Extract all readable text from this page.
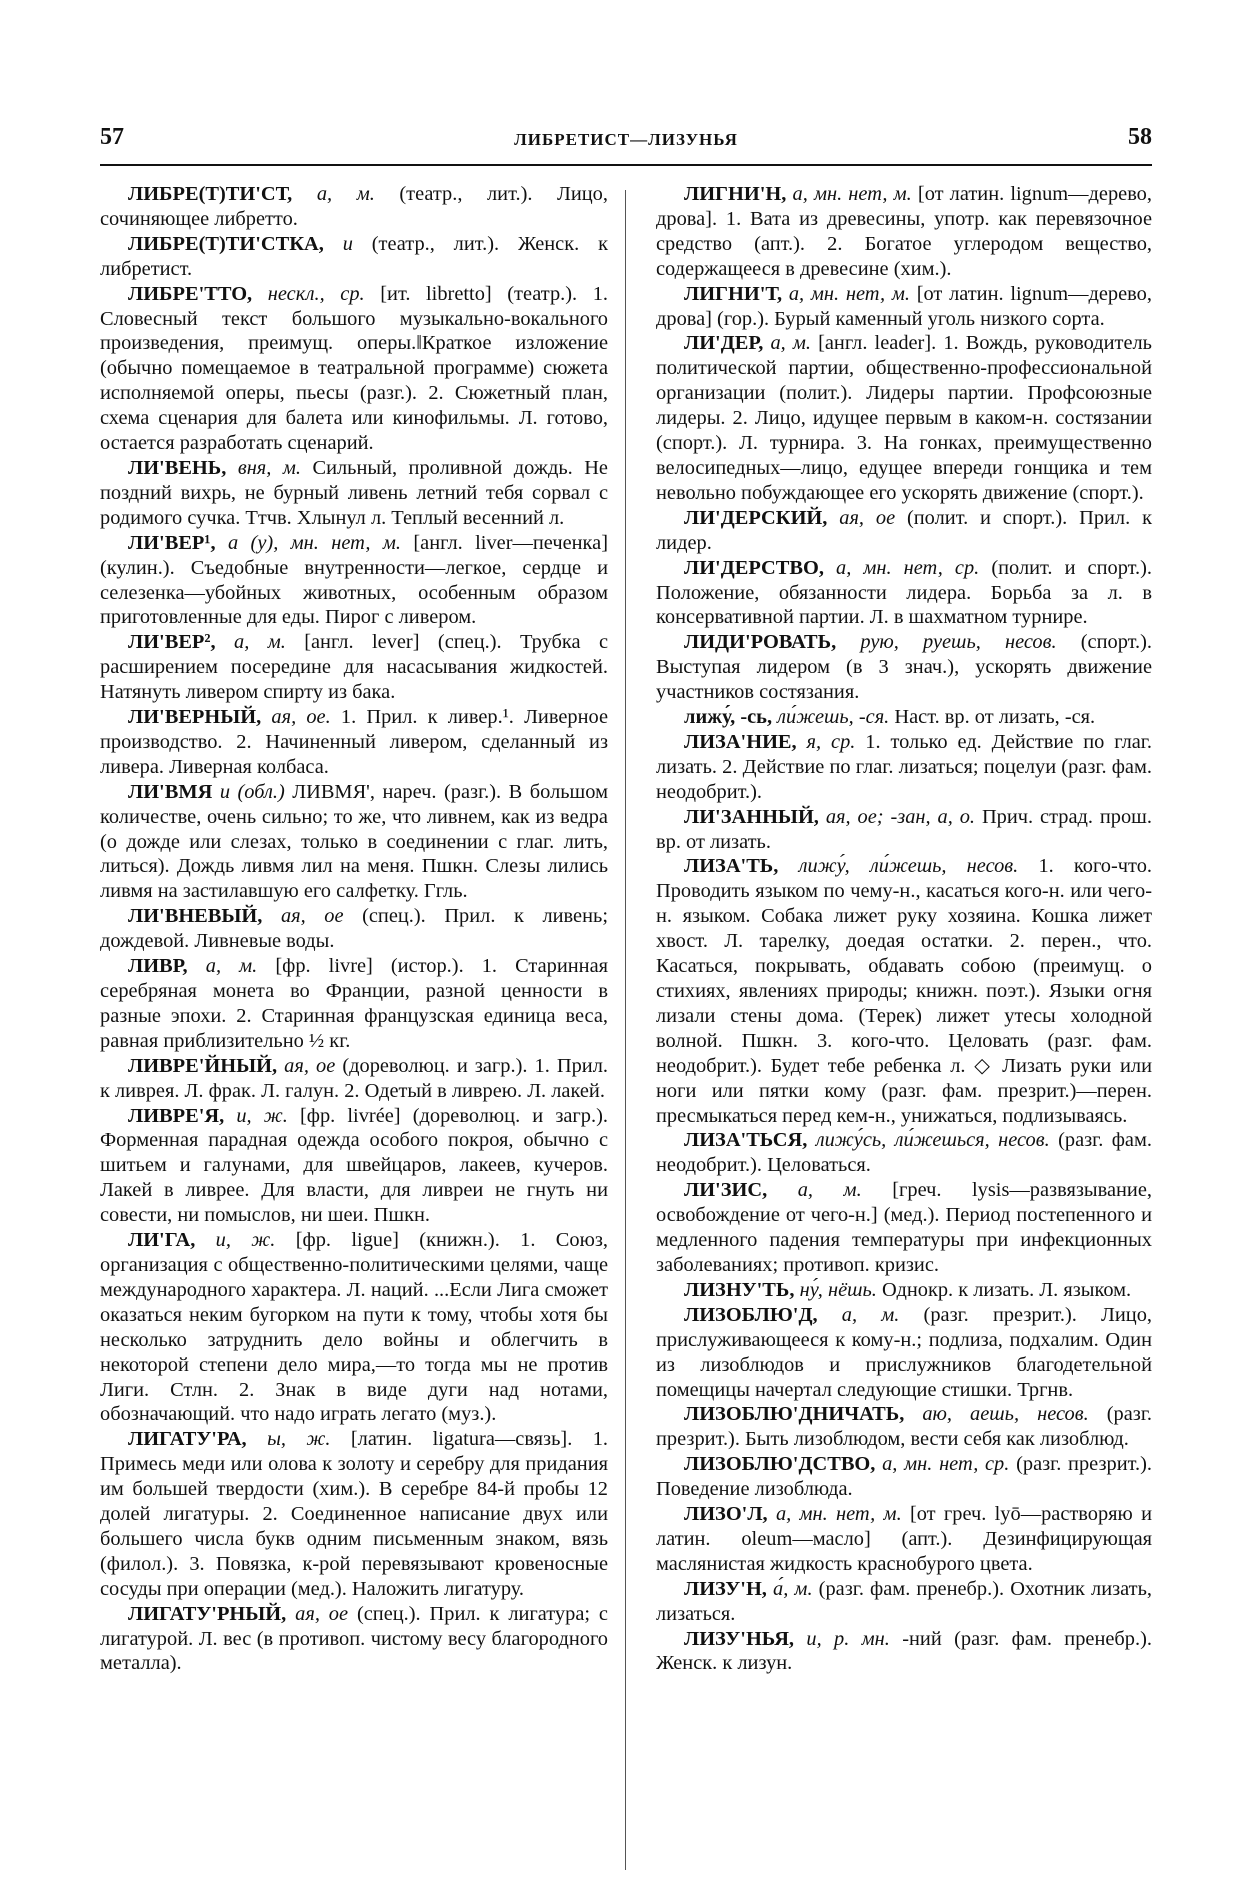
57	ЛИБРЕТИСТ—ЛИЗУНЬЯ	58

ЛИБРЕ(Т)ТИ'СТ, а, м. (театр., лит.). Лицо, сочиняющее либретто.

ЛИБРЕ(Т)ТИ'СТКА, и (театр., лит.). Женск. к либретист.

ЛИБРЕ'ТТО, нескл., ср. [ит. libretto] (театр.). 1. Словесный текст большого музыкально-вокального произведения, преимущ. оперы.‖Краткое изложение (обычно помещаемое в театральной программе) сюжета исполняемой оперы, пьесы (разг.). 2. Сюжетный план, схема сценария для балета или кинофильмы. Л. готово, остается разработать сценарий.

ЛИ'ВЕНЬ, вня, м. Сильный, проливной дождь. Не поздний вихрь, не бурный ливень летний тебя сорвал с родимого сучка. Ттчв. Хлынул л. Теплый весенний л.

ЛИ'ВЕР¹, а (у), мн. нет, м. [англ. liver—печенка] (кулин.). Съедобные внутренности—легкое, сердце и селезенка—убойных животных, особенным образом приготовленные для еды. Пирог с ливером.

ЛИ'ВЕР², а, м. [англ. lever] (спец.). Трубка с расширением посередине для насасывания жидкостей. Натянуть ливером спирту из бака.

ЛИ'ВЕРНЫЙ, ая, ое. 1. Прил. к ливер.¹. Ливерное производство. 2. Начиненный ливером, сделанный из ливера. Ливерная колбаса.

ЛИ'ВМЯ и (обл.) ЛИВМЯ', нареч. (разг.). В большом количестве, очень сильно; то же, что ливнем, как из ведра (о дожде или слезах, только в соединении с глаг. лить, литься). Дождь ливмя лил на меня. Пшкн. Слезы лились ливмя на застилавшую его салфетку. Ггль.

ЛИ'ВНЕВЫЙ, ая, ое (спец.). Прил. к ливень; дождевой. Ливневые воды.

ЛИВР, а, м. [фр. livre] (истор.). 1. Старинная серебряная монета во Франции, разной ценности в разные эпохи. 2. Старинная французская единица веса, равная приблизительно ½ кг.

ЛИВРЕ'ЙНЫЙ, ая, ое (дореволюц. и загр.). 1. Прил. к ливрея. Л. фрак. Л. галун. 2. Одетый в ливрею. Л. лакей.

ЛИВРЕ'Я, и, ж. [фр. livrée] (дореволюц. и загр.). Форменная парадная одежда особого покроя, обычно с шитьем и галунами, для швейцаров, лакеев, кучеров. Лакей в ливрее. Для власти, для ливреи не гнуть ни совести, ни помыслов, ни шеи. Пшкн.

ЛИ'ГА, и, ж. [фр. ligue] (книжн.). 1. Союз, организация с общественно-политическими целями, чаще международного характера. Л. наций. ...Если Лига сможет оказаться неким бугорком на пути к тому, чтобы хотя бы несколько затруднить дело войны и облегчить в некоторой степени дело мира,—то тогда мы не против Лиги. Стлн. 2. Знак в виде дуги над нотами, обозначающий. что надо играть легато (муз.).

ЛИГАТУ'РА, ы, ж. [латин. ligatura—связь]. 1. Примесь меди или олова к золоту и серебру для придания им большей твердости (хим.). В серебре 84-й пробы 12 долей лигатуры. 2. Соединенное написание двух или большего числа букв одним письменным знаком, вязь (филол.). 3. Повязка, к-рой перевязывают кровеносные сосуды при операции (мед.). Наложить лигатуру.

ЛИГАТУ'РНЫЙ, ая, ое (спец.). Прил. к лигатура; с лигатурой. Л. вес (в противоп. чистому весу благородного металла).

ЛИГНИ'Н, а, мн. нет, м. [от латин. lignum—дерево, дрова]. 1. Вата из древесины, употр. как перевязочное средство (апт.). 2. Богатое углеродом вещество, содержащееся в древесине (хим.).

ЛИГНИ'Т, а, мн. нет, м. [от латин. lignum—дерево, дрова] (гор.). Бурый каменный уголь низкого сорта.

ЛИ'ДЕР, а, м. [англ. leader]. 1. Вождь, руководитель политической партии, общественно-профессиональной организации (полит.). Лидеры партии. Профсоюзные лидеры. 2. Лицо, идущее первым в каком-н. состязании (спорт.). Л. турнира. 3. На гонках, преимущественно велосипедных—лицо, едущее впереди гонщика и тем невольно побуждающее его ускорять движение (спорт.).

ЛИ'ДЕРСКИЙ, ая, ое (полит. и спорт.). Прил. к лидер.

ЛИ'ДЕРСТВО, а, мн. нет, ср. (полит. и спорт.). Положение, обязанности лидера. Борьба за л. в консервативной партии. Л. в шахматном турнире.

ЛИДИ'РОВАТЬ, рую, руешь, несов. (спорт.). Выступая лидером (в 3 знач.), ускорять движение участников состязания.

лижу́, -сь, ли́жешь, -ся. Наст. вр. от лизать, -ся.

ЛИЗА'НИЕ, я, ср. 1. только ед. Действие по глаг. лизать. 2. Действие по глаг. лизаться; поцелуи (разг. фам. неодобрит.).

ЛИ'ЗАННЫЙ, ая, ое; -зан, а, о. Прич. страд. прош. вр. от лизать.

ЛИЗА'ТЬ, лижу́, ли́жешь, несов. 1. кого-что. Проводить языком по чему-н., касаться кого-н. или чего-н. языком. Собака лижет руку хозяина. Кошка лижет хвост. Л. тарелку, доедая остатки. 2. перен., что. Касаться, покрывать, обдавать собою (преимущ. о стихиях, явлениях природы; книжн. поэт.). Языки огня лизали стены дома. (Терек) лижет утесы холодной волной. Пшкн. 3. кого-что. Целовать (разг. фам. неодобрит.). Будет тебе ребенка л. ◇ Лизать руки или ноги или пятки кому (разг. фам. презрит.)—перен. пресмыкаться перед кем-н., унижаться, подлизываясь.

ЛИЗА'ТЬСЯ, лижу́сь, ли́жешься, несов. (разг. фам. неодобрит.). Целоваться.

ЛИ'ЗИС, а, м. [греч. lysis—развязывание, освобождение от чего-н.] (мед.). Период постепенного и медленного падения температуры при инфекционных заболеваниях; противоп. кризис.

ЛИЗНУ'ТЬ, ну́, нёшь. Однокр. к лизать. Л. языком.

ЛИЗОБЛЮ'Д, а, м. (разг. презрит.). Лицо, прислуживающееся к кому-н.; подлиза, подхалим. Один из лизоблюдов и прислужников благодетельной помещицы начертал следующие стишки. Тргнв.

ЛИЗОБЛЮ'ДНИЧАТЬ, аю, аешь, несов. (разг. презрит.). Быть лизоблюдом, вести себя как лизоблюд.

ЛИЗОБЛЮ'ДСТВО, а, мн. нет, ср. (разг. презрит.). Поведение лизоблюда.

ЛИЗО'Л, а, мн. нет, м. [от греч. lyō—растворяю и латин. oleum—масло] (апт.). Дезинфицирующая маслянистая жидкость краснобурого цвета.

ЛИЗУ'Н, а́, м. (разг. фам. пренебр.). Охотник лизать, лизаться.

ЛИЗУ'НЬЯ, и, р. мн. -ний (разг. фам. пренебр.). Женск. к лизун.
